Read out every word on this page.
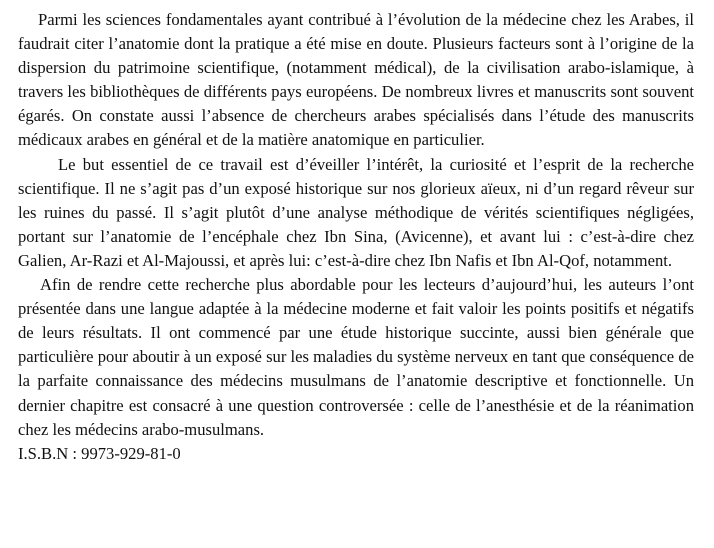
Parmi les sciences fondamentales ayant contribué à l’évolution de la médecine chez les Arabes, il faudrait citer l’anatomie dont la pratique a été mise en doute. Plusieurs facteurs sont à l’origine de la dispersion du patrimoine scientifique, (notamment médical), de la civilisation arabo-islamique, à travers les bibliothèques de différents pays européens. De nombreux livres et manuscrits sont souvent égarés. On constate aussi l’absence de chercheurs arabes spécialisés dans l’étude des manuscrits médicaux arabes en général et de la matière anatomique en particulier.

Le but essentiel de ce travail est d’éveiller l’intérêt, la curiosité et l’esprit de la recherche scientifique. Il ne s’agit pas d’un exposé historique sur nos glorieux aïeux, ni d’un regard rêveur sur les ruines du passé. Il s’agit plutôt d’une analyse méthodique de vérités scientifiques négligées, portant sur l’anatomie de l’encéphale chez Ibn Sina, (Avicenne), et avant lui : c’est-à-dire chez Galien, Ar-Razi et Al-Majoussi, et après lui: c’est-à-dire chez Ibn Nafis et Ibn Al-Qof, notamment.

Afin de rendre cette recherche plus abordable pour les lecteurs d’aujourd’hui, les auteurs l’ont présentée dans une langue adaptée à la médecine moderne et fait valoir les points positifs et négatifs de leurs résultats. Il ont commencé par une étude historique succinte, aussi bien générale que particulière pour aboutir à un exposé sur les maladies du système nerveux en tant que conséquence de la parfaite connaissance des médecins musulmans de l’anatomie descriptive et fonctionnelle. Un dernier chapitre est consacré à une question controversée : celle de l’anesthésie et de la réanimation chez les médecins arabo-musulmans.

I.S.B.N : 9973-929-81-0
